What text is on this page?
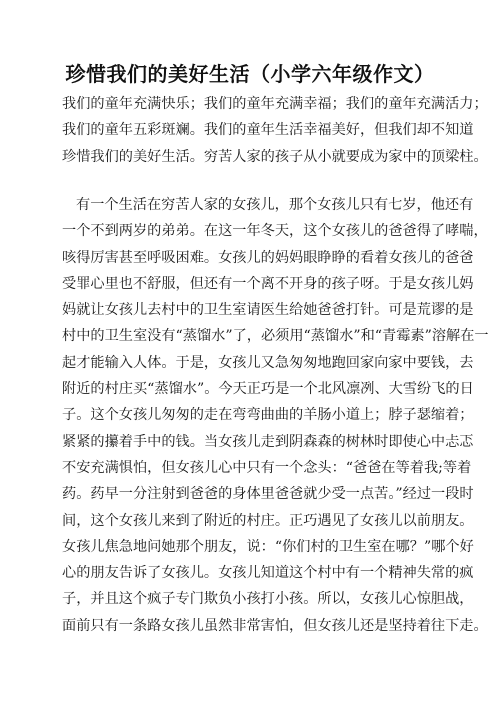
珍惜我们的美好生活（小学六年级作文）
我们的童年充满快乐；我们的童年充满幸福；我们的童年充满活力；
我们的童年五彩斑斓。我们的童年生活幸福美好，但我们却不知道
珍惜我们的美好生活。穷苦人家的孩子从小就要成为家中的顶梁柱。
有一个生活在穷苦人家的女孩儿，那个女孩儿只有七岁，他还有
一个不到两岁的弟弟。在这一年冬天，这个女孩儿的爸爸得了哮喘，
咳得厉害甚至呼吸困难。女孩儿的妈妈眼睁睁的看着女孩儿的爸爸
受罪心里也不舒服，但还有一个离不开身的孩子呀。于是女孩儿妈
妈就让女孩儿去村中的卫生室请医生给她爸爸打针。可是荒谬的是
村中的卫生室没有“蒸馏水”了，必须用“蒸馏水”和“青霉素”溶解在一
起才能输入人体。于是，女孩儿又急匆匆地跑回家向家中要钱，去
附近的村庄买“蒸馏水”。今天正巧是一个北风凛冽、大雪纷飞的日
子。这个女孩儿匆匆的走在弯弯曲曲的羊肠小道上；脖子瑟缩着；
紧紧的攥着手中的钱。当女孩儿走到阴森森的树林时即使心中忐忑
不安充满惧怕，但女孩儿心中只有一个念头：“爸爸在等着我;等着
药。药早一分注射到爸爸的身体里爸爸就少受一点苦。”经过一段时
间，这个女孩儿来到了附近的村庄。正巧遇见了女孩儿以前朋友。
女孩儿焦急地问她那个朋友，说：“你们村的卫生室在哪？”哪个好
心的朋友告诉了女孩儿。女孩儿知道这个村中有一个精神失常的疯
子，并且这个疯子专门欺负小孩打小孩。所以，女孩儿心惊胆战，
面前只有一条路女孩儿虽然非常害怕，但女孩儿还是坚持着往下走。
